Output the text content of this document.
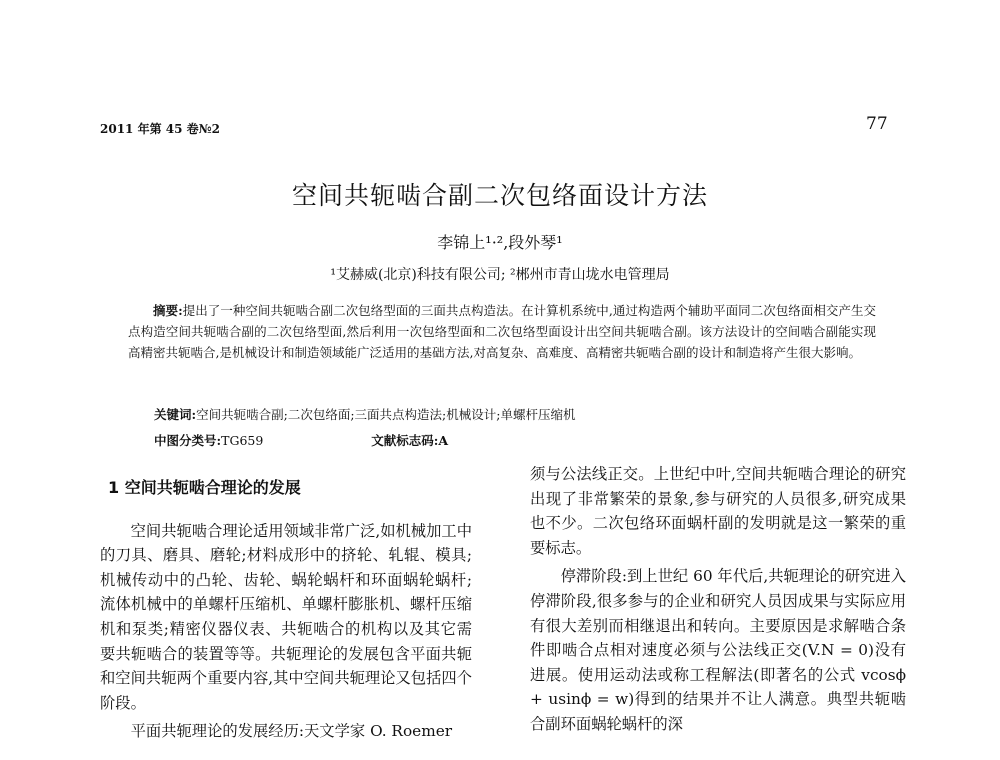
2011 年第 45 卷№2	77
空间共轭啮合副二次包络面设计方法
李锦上¹·²,段外琴¹
¹艾赫威(北京)科技有限公司; ²郴州市青山垅水电管理局

摘要:提出了一种空间共轭啮合副二次包络型面的三面共点构造法。在计算机系统中,通过构造两个辅助平面同二次包络面相交产生交点构造空间共轭啮合副的二次包络型面,然后利用一次包络型面和二次包络型面设计出空间共轭啮合副。该方法设计的空间啮合副能实现高精密共轭啮合,是机械设计和制造领域能广泛适用的基础方法,对高复杂、高难度、高精密共轭啮合副的设计和制造将产生很大影响。

关键词:空间共轭啮合副;二次包络面;三面共点构造法;机械设计;单螺杆压缩机
中图分类号:TG659	文献标志码:A
1 空间共轭啮合理论的发展

空间共轭啮合理论适用领域非常广泛,如机械加工中的刀具、磨具、磨轮;材料成形中的挤轮、轧辊、模具;机械传动中的凸轮、齿轮、蜗轮蜗杆和环面蜗轮蜗杆;流体机械中的单螺杆压缩机、单螺杆膨胀机、螺杆压缩机和泵类;精密仪器仪表、共轭啮合的机构以及其它需要共轭啮合的装置等等。共轭理论的发展包含平面共轭和空间共轭两个重要内容,其中空间共轭理论又包括四个阶段。

平面共轭理论的发展经历:天文学家 O. Roemer

须与公法线正交。上世纪中叶,空间共轭啮合理论的研究出现了非常繁荣的景象,参与研究的人员很多,研究成果也不少。二次包络环面蜗杆副的发明就是这一繁荣的重要标志。

停滞阶段:到上世纪 60 年代后,共轭理论的研究进入停滞阶段,很多参与的企业和研究人员因成果与实际应用有很大差别而相继退出和转向。主要原因是求解啮合条件即啮合点相对速度必须与公法线正交(V.N = 0)没有进展。使用运动法或称工程解法(即著名的公式 vcosϕ + usinϕ = w)得到的结果并不让人满意。典型共轭啮合副环面蜗轮蜗杆的深
